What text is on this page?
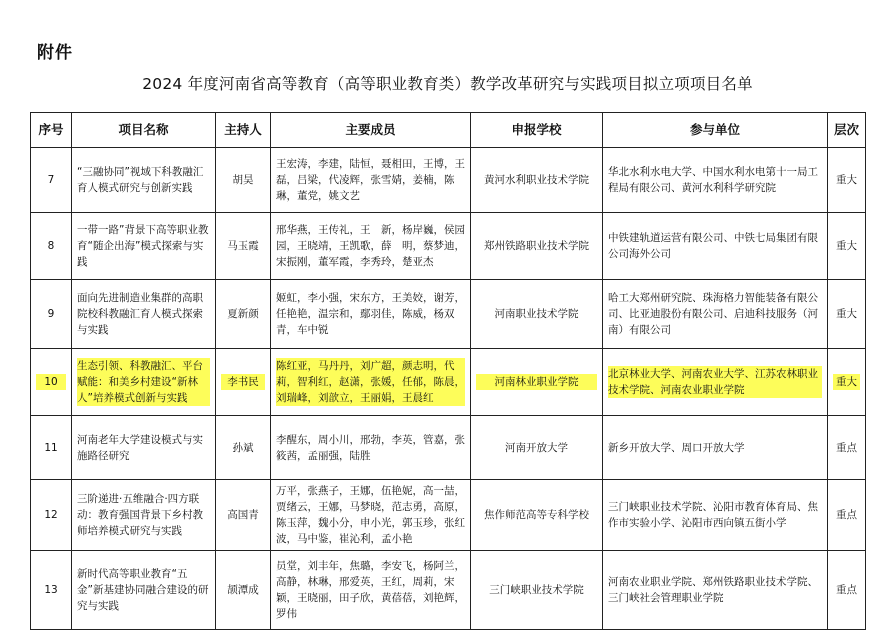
附件
2024 年度河南省高等教育（高等职业教育类）教学改革研究与实践项目拟立项项目名单
序号	项目名称	主持人	主要成员	申报学校	参与单位	层次
7	“三融协同”视域下科教融汇育人模式研究与创新实践	胡昊	王宏涛，李建，陆恒，聂相田，王博，王磊，吕梁，代凌辉，张雪婧，姜楠，陈琳，董党，姚文艺	黄河水利职业技术学院	华北水利水电大学、中国水利水电第十一局工程局有限公司、黄河水利科学研究院	重大
8	一带一路”背景下高等职业教育“随企出海”模式探索与实践	马玉霞	邢华燕，王传礼，王　新，杨岸巍，侯园园，王晓靖，王凯歌，薛　明，蔡梦迪，宋振刚，董军霞，李秀玲，楚亚杰	郑州铁路职业技术学院	中铁建轨道运营有限公司、中铁七局集团有限公司海外公司	重大
9	面向先进制造业集群的高职院校科教融汇育人模式探索与实践	夏新颜	姬虹，李小强，宋东方，王美姣，谢芳，任艳艳，温宗和，鄢羽佳，陈威，杨双青，车中锐	河南职业技术学院	哈工大郑州研究院、珠海格力智能装备有限公司、比亚迪股份有限公司、启迪科技服务（河南）有限公司	重大

10	生态引领、科教融汇、平台赋能：和美乡村建设“新林人”培养模式创新与实践	李书民	陈红亚，马丹丹，刘广超，颜志明，代莉，智利红，赵潇，张媛，任郁，陈晨，刘瑞峰，刘歆立，王丽娟，王晨红	河南林业职业学院	北京林业大学、河南农业大学、江苏农林职业技术学院、河南农业职业学院	重大

11	河南老年大学建设模式与实施路径研究	孙斌	李醒东，周小川，邢勃，李英，管嘉，张筱茜，孟丽强，陆胜	河南开放大学	新乡开放大学、周口开放大学	重点
12	三阶递进·五维融合·四方联动：教育强国背景下乡村教师培养模式研究与实践	高国青	万平，张燕子，王娜，伍艳妮，高一喆，贾绪云，王娜，马梦晓，范志勇，高原，陈玉萍，魏小分，申小光，郭玉珍，张红波，马中鉴，崔沁利，孟小艳	焦作师范高等专科学校	三门峡职业技术学院、沁阳市教育体育局、焦作市实验小学、沁阳市西向镇五街小学	重点
13	新时代高等职业教育“五金”新基建协同融合建设的研究与实践	颉潭成	员堂，刘丰年，焦璐，李安飞，杨阿兰，高静，林琳，邢爱英，王红，周莉，宋颖，王晓丽，田子欣，黄蓓蓓，刘艳辉，罗伟	三门峡职业技术学院	河南农业职业学院、郑州铁路职业技术学院、三门峡社会管理职业学院	重点
